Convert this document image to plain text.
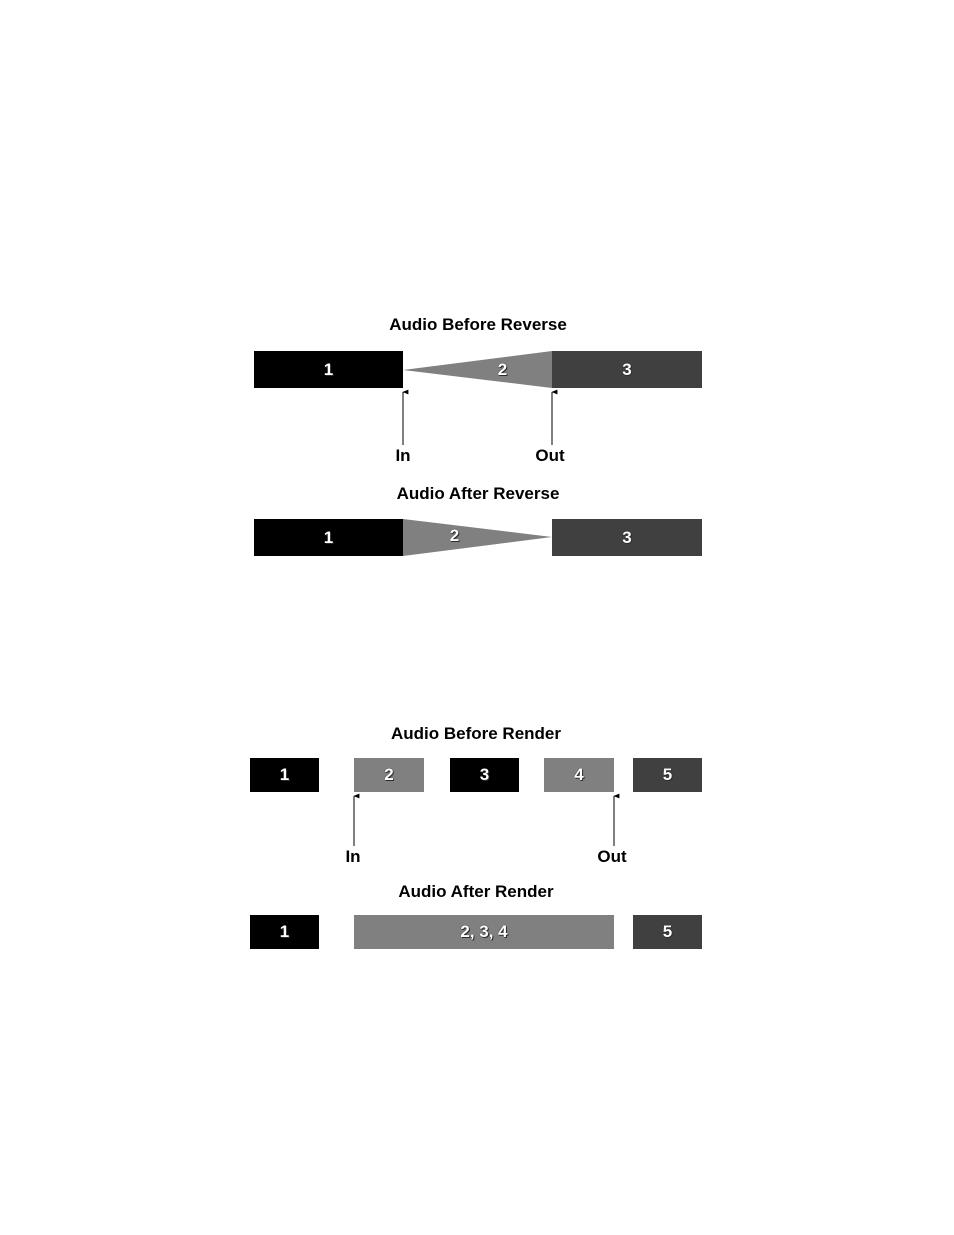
Audio Before Reverse
1	2	3
In	Out
Audio After Reverse
1	2	3
Audio Before Render
1	2	3	4	5
In	Out
Audio After Render
1	2, 3, 4	5
